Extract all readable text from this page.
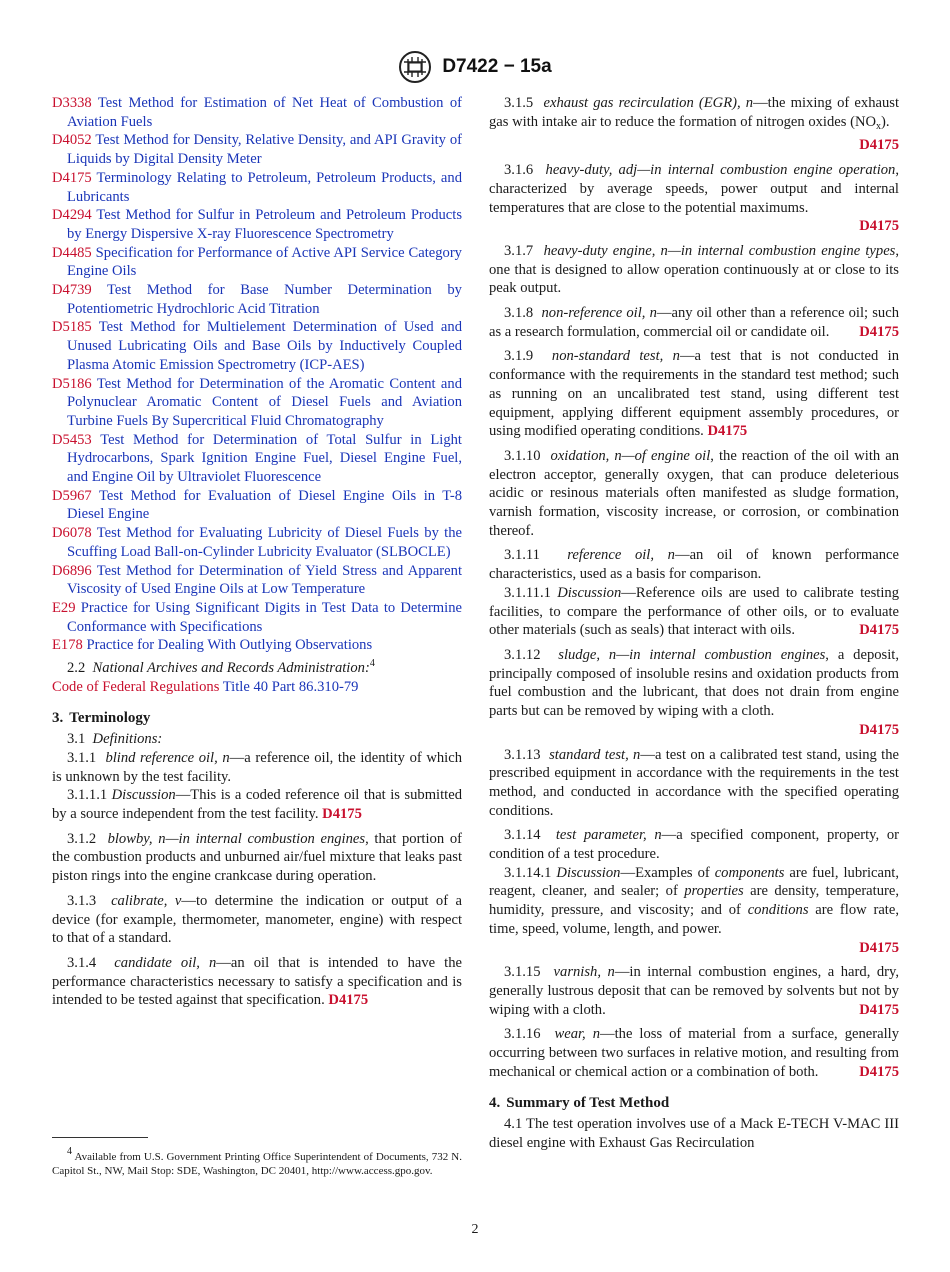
D7422 − 15a
D3338 Test Method for Estimation of Net Heat of Combustion of Aviation Fuels
D4052 Test Method for Density, Relative Density, and API Gravity of Liquids by Digital Density Meter
D4175 Terminology Relating to Petroleum, Petroleum Products, and Lubricants
D4294 Test Method for Sulfur in Petroleum and Petroleum Products by Energy Dispersive X-ray Fluorescence Spectrometry
D4485 Specification for Performance of Active API Service Category Engine Oils
D4739 Test Method for Base Number Determination by Potentiometric Hydrochloric Acid Titration
D5185 Test Method for Multielement Determination of Used and Unused Lubricating Oils and Base Oils by Inductively Coupled Plasma Atomic Emission Spectrometry (ICP-AES)
D5186 Test Method for Determination of the Aromatic Content and Polynuclear Aromatic Content of Diesel Fuels and Aviation Turbine Fuels By Supercritical Fluid Chromatography
D5453 Test Method for Determination of Total Sulfur in Light Hydrocarbons, Spark Ignition Engine Fuel, Diesel Engine Fuel, and Engine Oil by Ultraviolet Fluorescence
D5967 Test Method for Evaluation of Diesel Engine Oils in T-8 Diesel Engine
D6078 Test Method for Evaluating Lubricity of Diesel Fuels by the Scuffing Load Ball-on-Cylinder Lubricity Evaluator (SLBOCLE)
D6896 Test Method for Determination of Yield Stress and Apparent Viscosity of Used Engine Oils at Low Temperature
E29 Practice for Using Significant Digits in Test Data to Determine Conformance with Specifications
E178 Practice for Dealing With Outlying Observations
2.2 National Archives and Records Administration:$^4$
Code of Federal Regulations Title 40 Part 86.310-79
3. Terminology
3.1 Definitions:
3.1.1 blind reference oil, n—a reference oil, the identity of which is unknown by the test facility.
3.1.1.1 Discussion—This is a coded reference oil that is submitted by a source independent from the test facility. D4175
3.1.2 blowby, n—in internal combustion engines, that portion of the combustion products and unburned air/fuel mixture that leaks past piston rings into the engine crankcase during operation.
3.1.3 calibrate, v—to determine the indication or output of a device (for example, thermometer, manometer, engine) with respect to that of a standard.
3.1.4 candidate oil, n—an oil that is intended to have the performance characteristics necessary to satisfy a specification and is intended to be tested against that specification. D4175
4 Available from U.S. Government Printing Office Superintendent of Documents, 732 N. Capitol St., NW, Mail Stop: SDE, Washington, DC 20401, http://www.access.gpo.gov.
3.1.5 exhaust gas recirculation (EGR), n—the mixing of exhaust gas with intake air to reduce the formation of nitrogen oxides $(NO_x)$.
D4175
3.1.6 heavy-duty, adj—in internal combustion engine operation, characterized by average speeds, power output and internal temperatures that are close to the potential maximums.
D4175
3.1.7 heavy-duty engine, n—in internal combustion engine types, one that is designed to allow operation continuously at or close to its peak output.
3.1.8 non-reference oil, n—any oil other than a reference oil; such as a research formulation, commercial oil or candidate oil.	D4175
3.1.9 non-standard test, n—a test that is not conducted in conformance with the requirements in the standard test method; such as running on an uncalibrated test stand, using different test equipment, applying different equipment assembly procedures, or using modified operating conditions. D4175
3.1.10 oxidation, n—of engine oil, the reaction of the oil with an electron acceptor, generally oxygen, that can produce deleterious acidic or resinous materials often manifested as sludge formation, varnish formation, viscosity increase, or corrosion, or combination thereof.
3.1.11 reference oil, n—an oil of known performance characteristics, used as a basis for comparison.
3.1.11.1 Discussion—Reference oils are used to calibrate testing facilities, to compare the performance of other oils, or to evaluate other materials (such as seals) that interact with oils.	D4175
3.1.12 sludge, n—in internal combustion engines, a deposit, principally composed of insoluble resins and oxidation products from fuel combustion and the lubricant, that does not drain from engine parts but can be removed by wiping with a cloth.
D4175
3.1.13 standard test, n—a test on a calibrated test stand, using the prescribed equipment in accordance with the requirements in the test method, and conducted in accordance with the specified operating conditions.
3.1.14 test parameter, n—a specified component, property, or condition of a test procedure.
3.1.14.1 Discussion—Examples of components are fuel, lubricant, reagent, cleaner, and sealer; of properties are density, temperature, humidity, pressure, and viscosity; and of conditions are flow rate, time, speed, volume, length, and power.
D4175
3.1.15 varnish, n—in internal combustion engines, a hard, dry, generally lustrous deposit that can be removed by solvents but not by wiping with a cloth.	D4175
3.1.16 wear, n—the loss of material from a surface, generally occurring between two surfaces in relative motion, and resulting from mechanical or chemical action or a combination of both.	D4175
4. Summary of Test Method
4.1 The test operation involves use of a Mack E-TECH V-MAC III diesel engine with Exhaust Gas Recirculation
2
